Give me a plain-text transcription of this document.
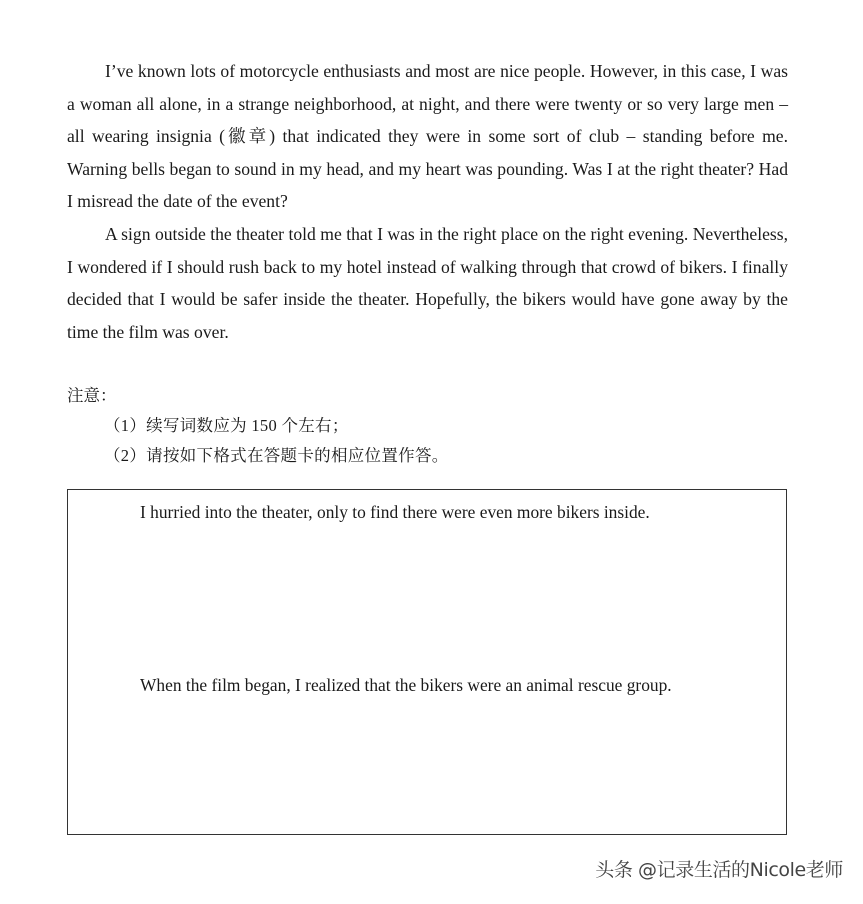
I’ve known lots of motorcycle enthusiasts and most are nice people. However, in this case, I was a woman all alone, in a strange neighborhood, at night, and there were twenty or so very large men – all wearing insignia (徽章) that indicated they were in some sort of club – standing before me. Warning bells began to sound in my head, and my heart was pounding. Was I at the right theater? Had I misread the date of the event?

A sign outside the theater told me that I was in the right place on the right evening. Nevertheless, I wondered if I should rush back to my hotel instead of walking through that crowd of bikers. I finally decided that I would be safer inside the theater. Hopefully, the bikers would have gone away by the time the film was over.

注意：
（1）续写词数应为 150 个左右；
（2）请按如下格式在答题卡的相应位置作答。
I hurried into the theater, only to find there were even more bikers inside.
When the film began, I realized that the bikers were an animal rescue group.
头条 @记录生活的Nicole老师
